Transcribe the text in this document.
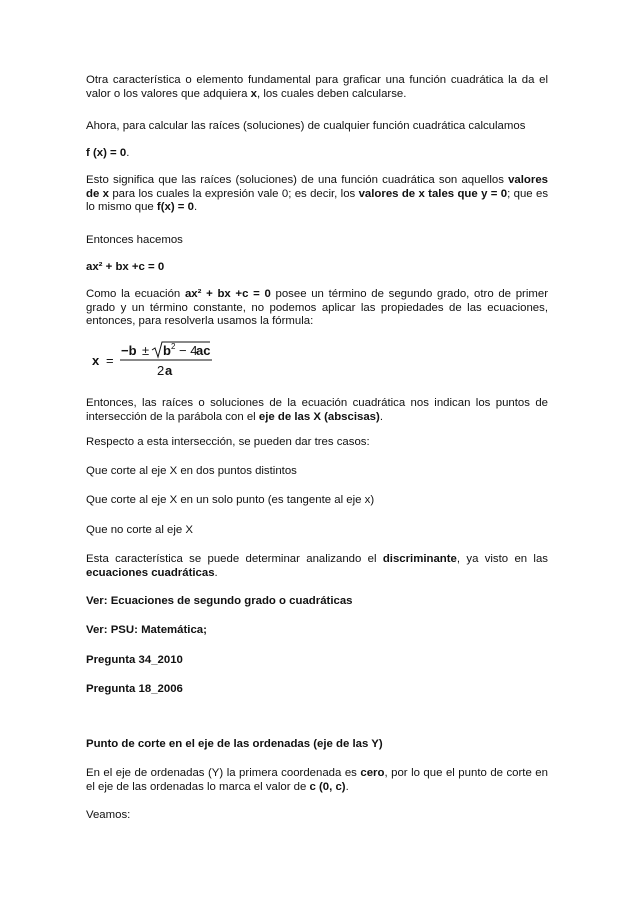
Otra característica o elemento fundamental para graficar una función cuadrática la da el valor o los valores que adquiera x, los cuales deben calcularse.

Ahora, para calcular las raíces (soluciones) de cualquier función cuadrática calculamos

f (x) = 0.

Esto significa que las raíces (soluciones) de una función cuadrática son aquellos valores de x para los cuales la expresión vale 0; es decir, los valores de x tales que y = 0; que es lo mismo que f(x) = 0.

Entonces hacemos

ax² + bx +c = 0

Como la ecuación ax² + bx +c = 0 posee un término de segundo grado, otro de primer grado y un término constante, no podemos aplicar las propiedades de las ecuaciones, entonces, para resolverla usamos la fórmula:

x =
−b ± b 2 − 4
ac
2 a

Entonces, las raíces o soluciones de la ecuación cuadrática nos indican los puntos de intersección de la parábola con el eje de las X (abscisas).

Respecto a esta intersección, se pueden dar tres casos:

Que corte al eje X en dos puntos distintos

Que corte al eje X en un solo punto (es tangente al eje x)

Que no corte al eje X

Esta característica se puede determinar analizando el discriminante, ya visto en las ecuaciones cuadráticas.

Ver: Ecuaciones de segundo grado o cuadráticas

Ver: PSU: Matemática;

Pregunta 34_2010

Pregunta 18_2006

Punto de corte en el eje de las ordenadas (eje de las Y)

En el eje de ordenadas (Y) la primera coordenada es cero, por lo que el punto de corte en el eje de las ordenadas lo marca el valor de c (0, c).

Veamos:
